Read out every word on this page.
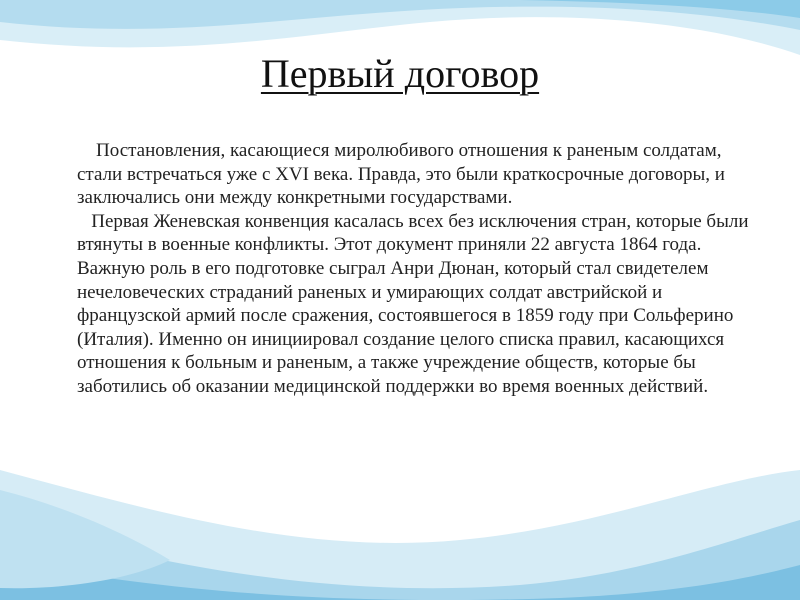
Первый договор

Постановления, касающиеся миролюбивого отношения к раненым солдатам, стали встречаться уже с XVI века. Правда, это были краткосрочные договоры, и заключались они между конкретными государствами.

Первая Женевская конвенция касалась всех без исключения стран, которые были втянуты в военные конфликты. Этот документ приняли 22 августа 1864 года. Важную роль в его подготовке сыграл Анри Дюнан, который стал свидетелем нечеловеческих страданий раненых и умирающих солдат австрийской и французской армий после сражения, состоявшегося в 1859 году при Сольферино (Италия). Именно он инициировал создание целого списка правил, касающихся отношения к больным и раненым, а также учреждение обществ, которые бы заботились об оказании медицинской поддержки во время военных действий.
